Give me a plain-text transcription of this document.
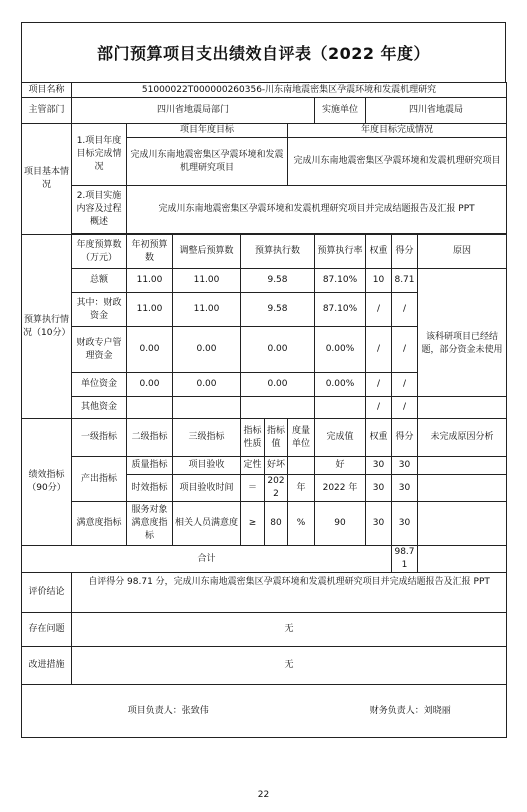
部门预算项目支出绩效自评表（2022 年度）
项目名称	51000022T000000260356-川东南地震密集区孕震环境和发震机理研究									
主管部门	四川省地震局部门						实施单位	四川省地震局		
项目基本情况	1.项目年度目标完成情况	项目年度目标				年度目标完成情况				
		完成川东南地震密集区孕震环境和发震机理研究项目				完成川东南地震密集区孕震环境和发震机理研究项目				
	2.项目实施内容及过程概述	完成川东南地震密集区孕震环境和发震机理研究项目并完成结题报告及汇报 PPT								

预算执行情况（10分）	年度预算数（万元）	年初预算数	调整后预算数	预算执行数			预算执行率	权重	得分	原因
	总额	11.00	11.00	9.58			87.10%	10	8.71	
	其中：财政资金	11.00	11.00	9.58			87.10%	/	/	该科研项目已经结题，部分资金未使用
	财政专户管理资金	0.00	0.00	0.00			0.00%	/	/	
	单位资金	0.00	0.00	0.00			0.00%	/	/	
	其他资金							/	/	
绩效指标（90分）	一级指标	二级指标	三级指标	指标性质	指标值	度量单位	完成值	权重	得分	未完成原因分析
	产出指标	质量指标	项目验收	定性	好坏		好	30	30	
		时效指标	项目验收时间	＝	2022	年	2022 年	30	30	
	满意度指标	服务对象满意度指标	相关人员满意度	≥	80	%	90	30	30	
合计									98.71	
评价结论	自评得分 98.71 分，完成川东南地震密集区孕震环境和发震机理研究项目并完成结题报告及汇报 PPT									
存在问题	无									
改进措施	无									
项目负责人：张致伟							财务负责人：刘晓丽			
22
